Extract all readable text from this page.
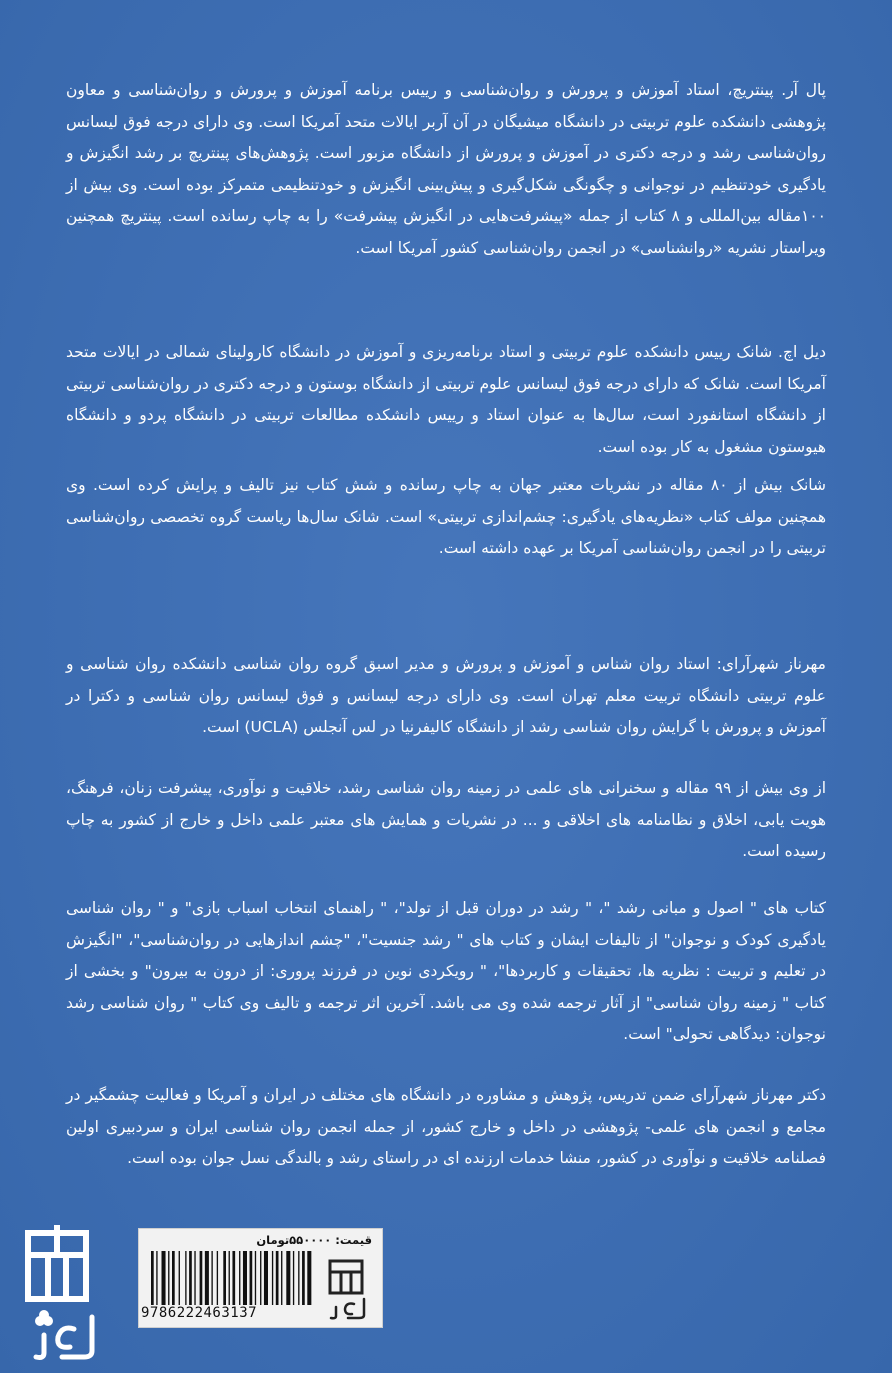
پال آر. پینتریچ، استاد آموزش و پرورش و روان‌شناسی و رییس برنامه آموزش و پرورش و روان‌شناسی و معاون پژوهشی دانشکده علوم تربیتی در دانشگاه میشیگان در آن آربر ایالات متحد آمریکا است. وی دارای درجه فوق لیسانس روان‌شناسی رشد و درجه دکتری در آموزش و پرورش از دانشگاه مزبور است. پژوهش‌های پینتریچ بر رشد انگیزش و یادگیری خودتنظیم در نوجوانی و چگونگی شکل‌گیری و پیش‌بینی انگیزش و خودتنظیمی متمرکز بوده است. وی بیش از ۱۰۰مقاله بین‌المللی و ۸ کتاب از جمله «پیشرفت‌هایی در انگیزش پیشرفت» را به چاپ رسانده است. پینتریچ همچنین ویراستار نشریه «روانشناسی» در انجمن روان‌شناسی کشور آمریکا است.

دیل اچ. شانک رییس دانشکده علوم تربیتی و استاد برنامه‌ریزی و آموزش در دانشگاه کارولینای شمالی در ایالات متحد آمریکا است. شانک که دارای درجه فوق لیسانس علوم تربیتی از دانشگاه بوستون و درجه دکتری در روان‌شناسی تربیتی از دانشگاه استانفورد است، سال‌ها به عنوان استاد و رییس دانشکده مطالعات تربیتی در دانشگاه پردو و دانشگاه هیوستون مشغول به کار بوده است.

شانک بیش از ۸۰ مقاله در نشریات معتبر جهان به چاپ رسانده و شش کتاب نیز تالیف و پرایش کرده است. وی همچنین مولف کتاب «نظریه‌های یادگیری: چشم‌اندازی تربیتی» است. شانک سال‌ها ریاست گروه تخصصی روان‌شناسی تربیتی را در انجمن روان‌شناسی آمریکا بر عهده داشته است.

مهرناز شهرآرای: استاد روان شناس و آموزش و پرورش و مدیر اسبق گروه روان شناسی دانشکده روان شناسی و علوم تربیتی دانشگاه تربیت معلم تهران است. وی دارای درجه لیسانس و فوق لیسانس روان شناسی و دکترا در آموزش و پرورش با گرایش روان شناسی رشد از دانشگاه کالیفرنیا در لس آنجلس (UCLA) است.

از وی بیش از ۹۹ مقاله و سخنرانی های علمی در زمینه روان شناسی رشد، خلاقیت و نوآوری، پیشرفت زنان، فرهنگ، هویت یابی، اخلاق و نظامنامه های اخلاقی و ... در نشریات و همایش های معتبر علمی داخل و خارج از کشور به چاپ رسیده است.

کتاب های " اصول و مبانی رشد "، " رشد در دوران قبل از تولد"، " راهنمای انتخاب اسباب بازی" و " روان شناسی یادگیری کودک و نوجوان" از تالیفات ایشان و کتاب های " رشد جنسیت"، "چشم اندازهایی در روان‌شناسی"، "انگیزش در تعلیم و تربیت : نظریه ها، تحقیقات و کاربردها"، " رویکردی نوین در فرزند پروری: از درون به بیرون" و بخشی از کتاب " زمینه روان شناسی" از آثار ترجمه شده وی می باشد. آخرین اثر ترجمه و تالیف وی کتاب " روان شناسی رشد نوجوان: دیدگاهی تحولی" است.

دکتر مهرناز شهرآرای ضمن تدریس، پژوهش و مشاوره در دانشگاه های مختلف در ایران و آمریکا و فعالیت چشمگیر در مجامع و انجمن های علمی- پژوهشی در داخل و خارج کشور، از جمله انجمن روان شناسی ایران و سردبیری اولین فصلنامه خلاقیت و نوآوری در کشور، منشا خدمات ارزنده ای در راستای رشد و بالندگی نسل جوان بوده است.

قیمت: ۵۵۰۰۰۰تومان
9786222463137
